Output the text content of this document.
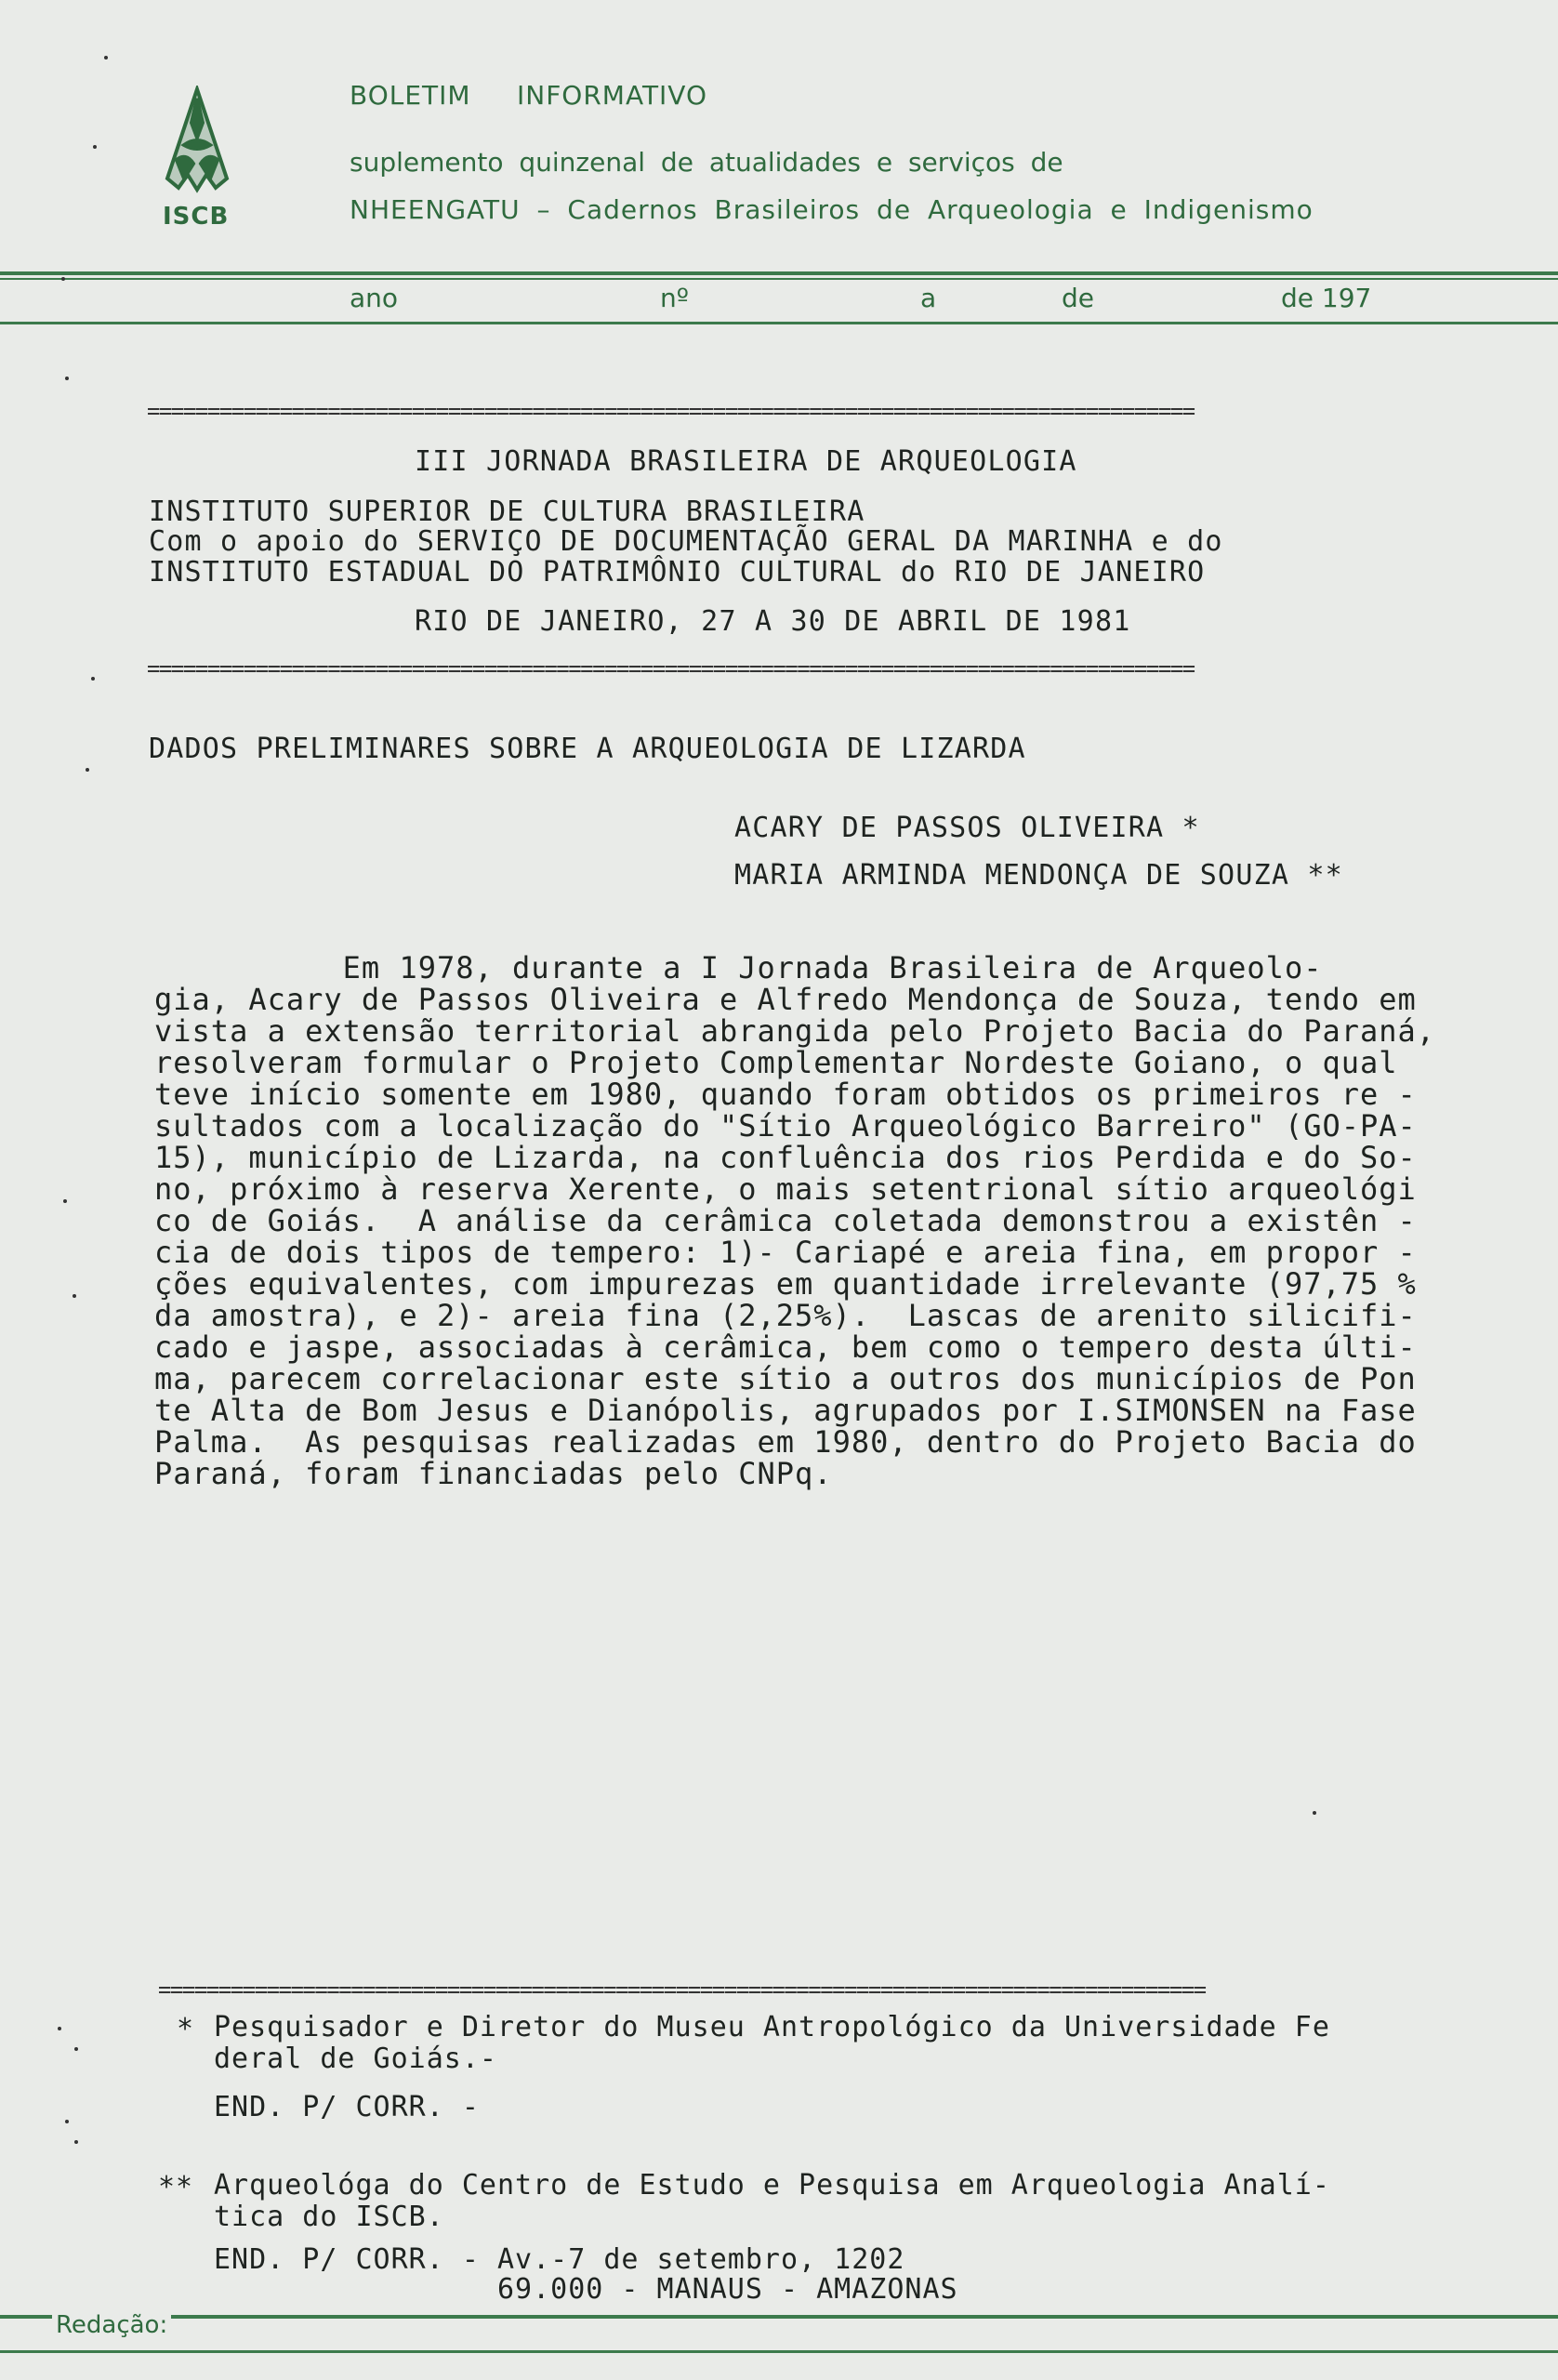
ISCB
BOLETIM INFORMATIVO
suplemento quinzenal de atualidades e serviços de
NHEENGATU – Cadernos Brasileiros de Arqueologia e Indigenismo
ano	nº	a	de	de 197
=======================================================================================
III JORNADA BRASILEIRA DE ARQUEOLOGIA
INSTITUTO SUPERIOR DE CULTURA BRASILEIRA
Com o apoio do SERVIÇO DE DOCUMENTAÇÃO GERAL DA MARINHA e do
INSTITUTO ESTADUAL DO PATRIMÔNIO CULTURAL do RIO DE JANEIRO
RIO DE JANEIRO, 27 A 30 DE ABRIL DE 1981
=======================================================================================
DADOS PRELIMINARES SOBRE A ARQUEOLOGIA DE LIZARDA
ACARY DE PASSOS OLIVEIRA *
MARIA ARMINDA MENDONÇA DE SOUZA **
Em 1978, durante a I Jornada Brasileira de Arqueolo-
gia, Acary de Passos Oliveira e Alfredo Mendonça de Souza, tendo em
vista a extensão territorial abrangida pelo Projeto Bacia do Paraná,
resolveram formular o Projeto Complementar Nordeste Goiano, o qual
teve início somente em 1980, quando foram obtidos os primeiros re -
sultados com a localização do "Sítio Arqueológico Barreiro" (GO-PA-
15), município de Lizarda, na confluência dos rios Perdida e do So-
no, próximo à reserva Xerente, o mais setentrional sítio arqueológi
co de Goiás.  A análise da cerâmica coletada demonstrou a existên -
cia de dois tipos de tempero: 1)- Cariapé e areia fina, em propor -
ções equivalentes, com impurezas em quantidade irrelevante (97,75 %
da amostra), e 2)- areia fina (2,25%).  Lascas de arenito silicifi-
cado e jaspe, associadas à cerâmica, bem como o tempero desta últi-
ma, parecem correlacionar este sítio a outros dos municípios de Pon
te Alta de Bom Jesus e Dianópolis, agrupados por I.SIMONSEN na Fase
Palma.  As pesquisas realizadas em 1980, dentro do Projeto Bacia do
Paraná, foram financiadas pelo CNPq.
=======================================================================================
* Pesquisador e Diretor do Museu Antropológico da Universidade Fe
deral de Goiás.-
END. P/ CORR. -
** Arqueológa do Centro de Estudo e Pesquisa em Arqueologia Analí-
tica do ISCB.
END. P/ CORR. - Av.-7 de setembro, 1202
69.000 - MANAUS - AMAZONAS
Redação:
